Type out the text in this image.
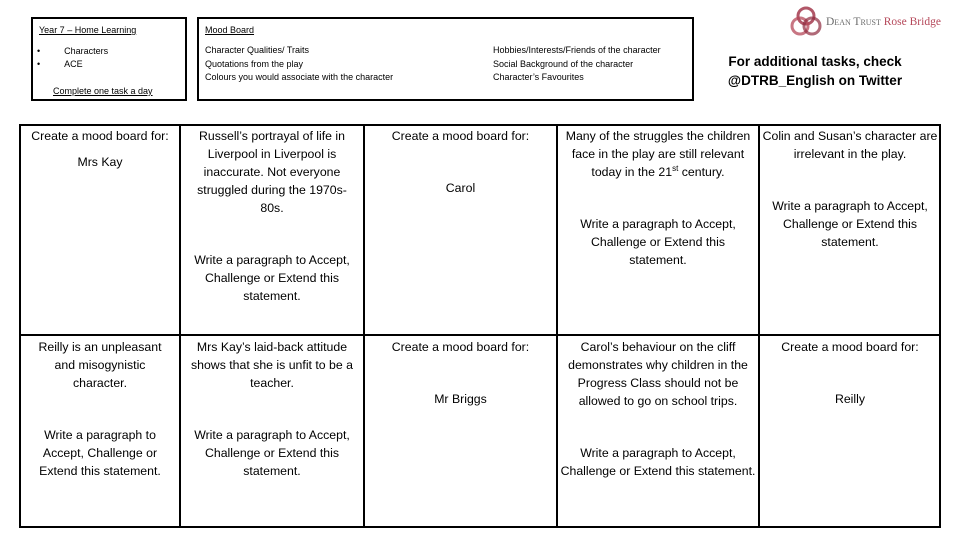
Year 7 – Home Learning
•	Characters
•	ACE
Complete one task a day
Mood Board
Character Qualities/ Traits
Quotations from the play
Colours you would associate with the character
Hobbies/Interests/Friends of the character
Social Background of the character
Character’s Favourites
Dean Trust Rose Bridge
For additional tasks, check @DTRB_English on Twitter
Create a mood board for:
Mrs Kay
Russell’s portrayal of life in Liverpool in Liverpool is inaccurate. Not everyone struggled during the 1970s-80s.
Write a paragraph to Accept, Challenge or Extend this statement.
Create a mood board for:
Carol
Many of the struggles the children face in the play are still relevant today in the 21st century.
Write a paragraph to Accept, Challenge or Extend this statement.
Colin and Susan’s character are irrelevant in the play.
Write a paragraph to Accept, Challenge or Extend this statement.
Reilly is an unpleasant and misogynistic character.
Write a paragraph to Accept, Challenge or Extend this statement.
Mrs Kay’s laid-back attitude shows that she is unfit to be a teacher.
Write a paragraph to Accept, Challenge or Extend this statement.
Create a mood board for:
Mr Briggs
Carol’s behaviour on the cliff demonstrates why children in the Progress Class should not be allowed to go on school trips.
Write a paragraph to Accept, Challenge or Extend this statement.
Create a mood board for:
Reilly
